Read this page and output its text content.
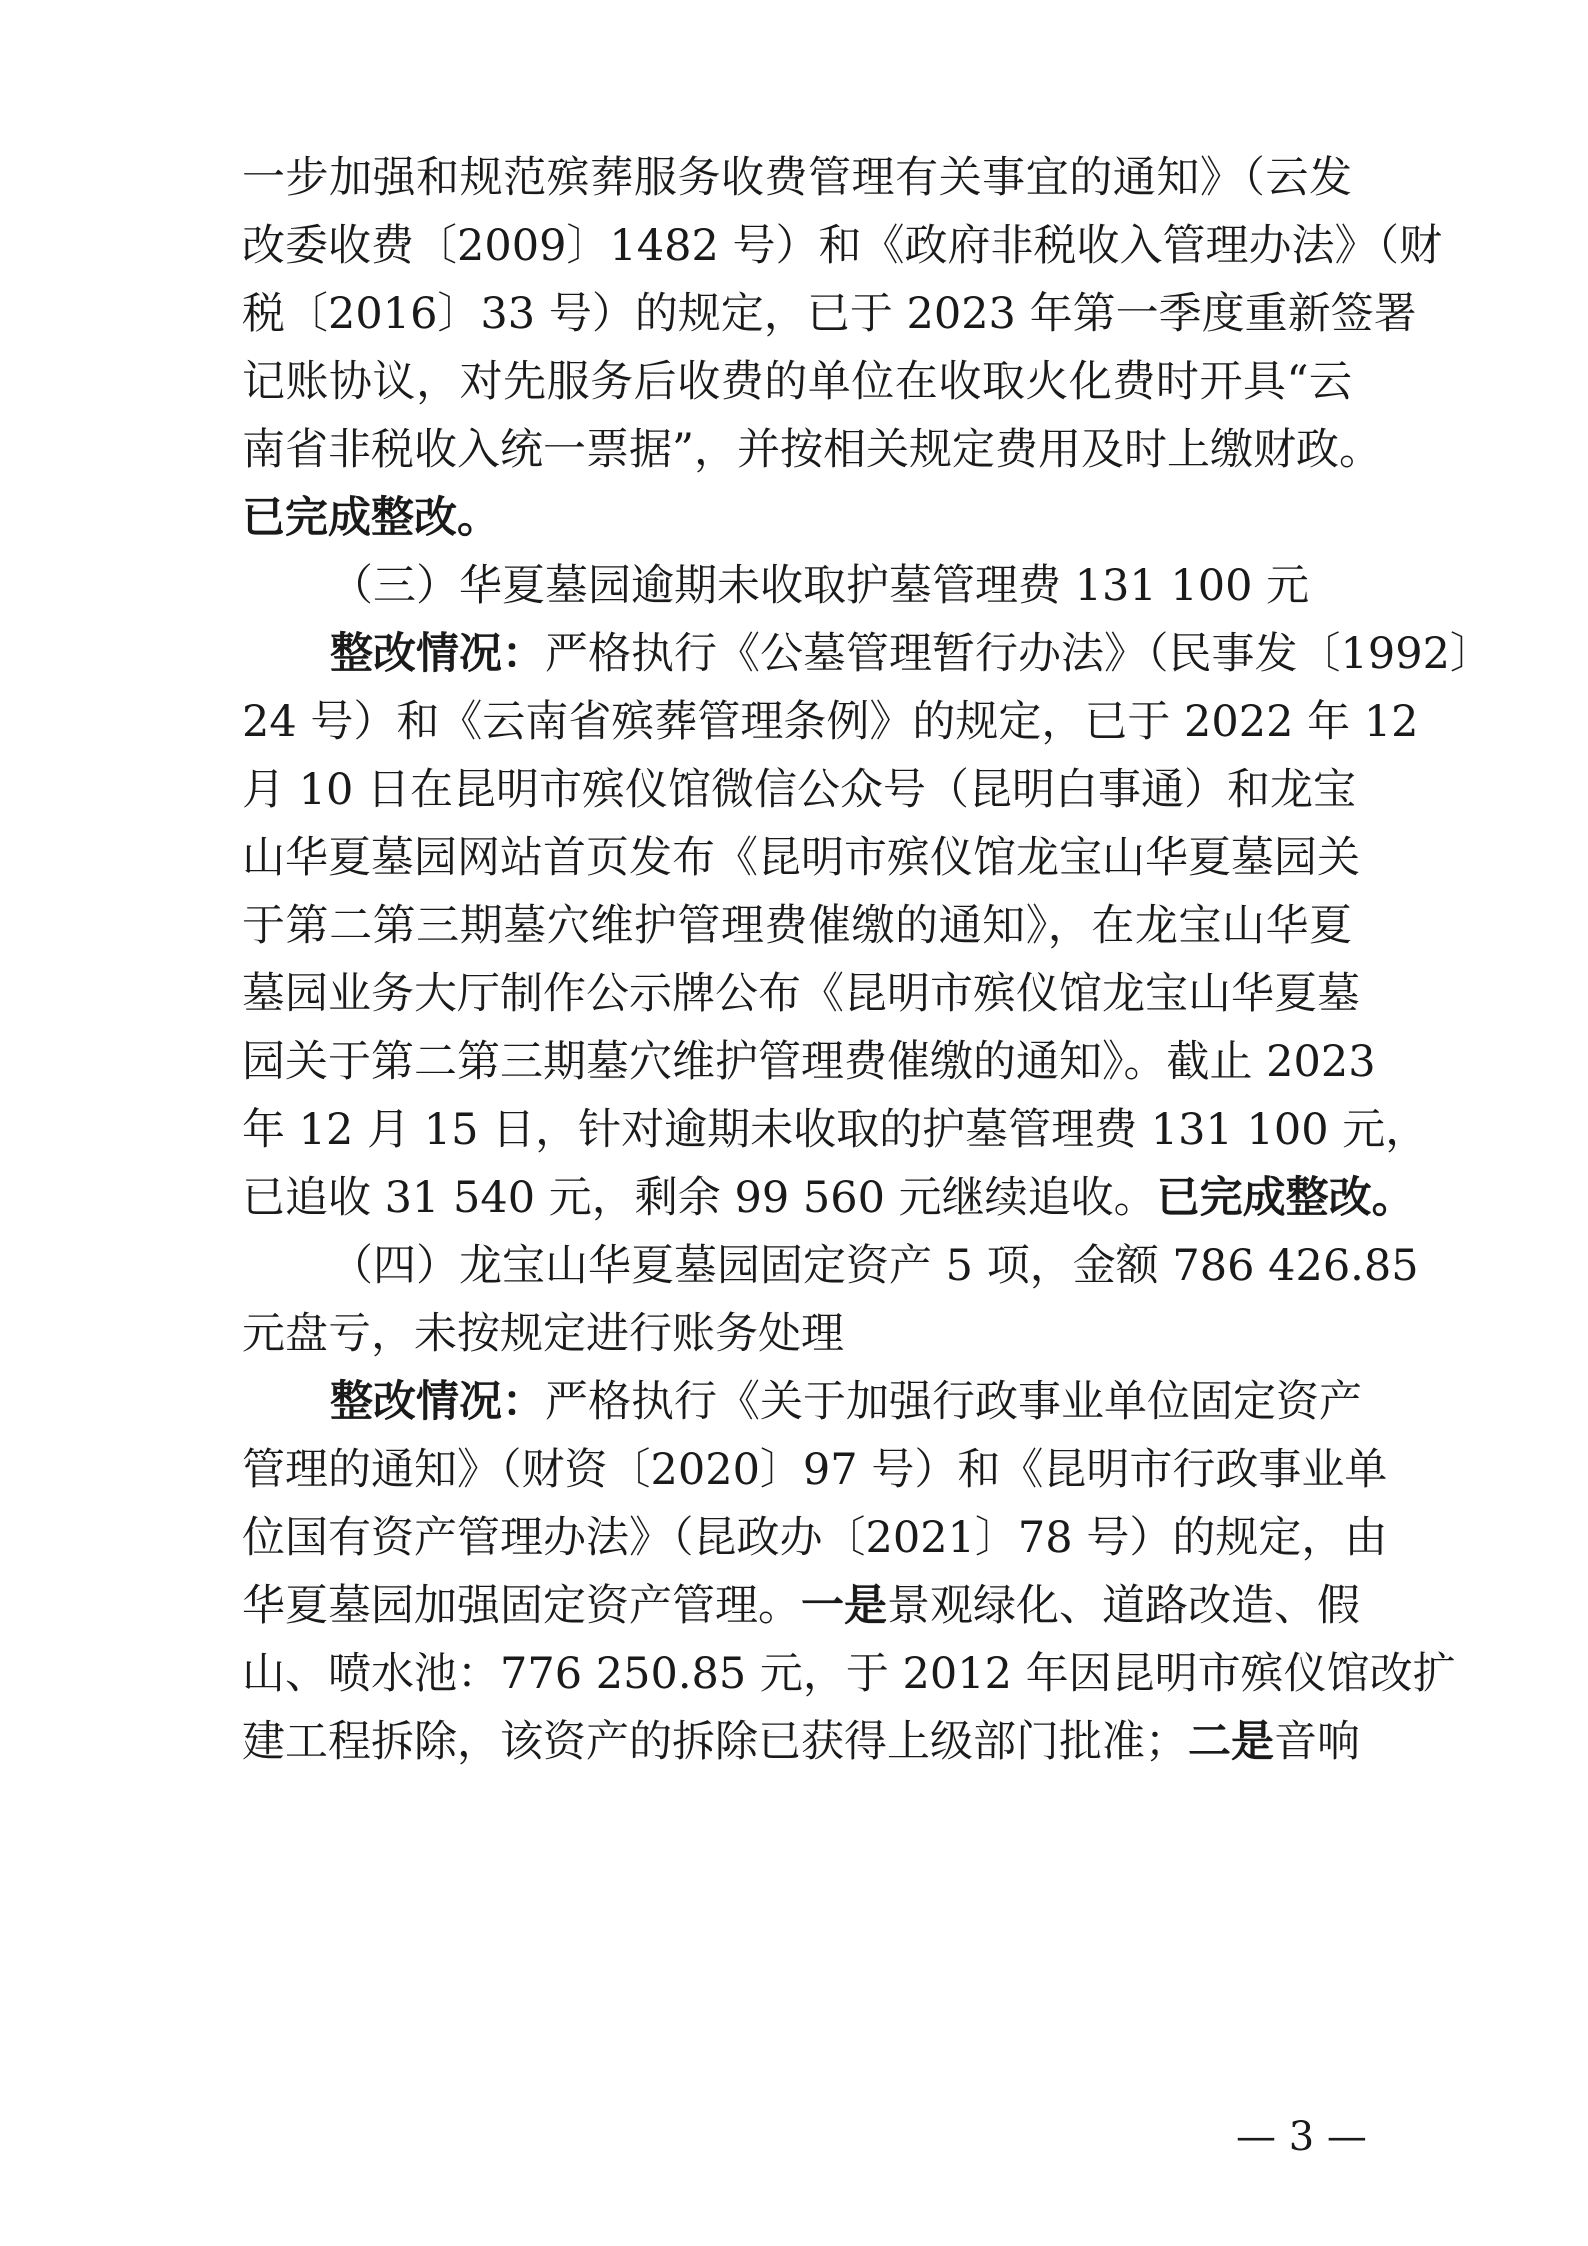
一步加强和规范殡葬服务收费管理有关事宜的通知》（云发
改委收费〔2009〕1482 号）和《政府非税收入管理办法》（财
税〔2016〕33 号）的规定，已于 2023 年第一季度重新签署
记账协议，对先服务后收费的单位在收取火化费时开具“云
南省非税收入统一票据”，并按相关规定费用及时上缴财政。
已完成整改。
（三）华夏墓园逾期未收取护墓管理费 131 100 元
整改情况：严格执行《公墓管理暂行办法》（民事发〔1992〕
24 号）和《云南省殡葬管理条例》的规定，已于 2022 年 12
月 10 日在昆明市殡仪馆微信公众号（昆明白事通）和龙宝
山华夏墓园网站首页发布《昆明市殡仪馆龙宝山华夏墓园关
于第二第三期墓穴维护管理费催缴的通知》，在龙宝山华夏
墓园业务大厅制作公示牌公布《昆明市殡仪馆龙宝山华夏墓
园关于第二第三期墓穴维护管理费催缴的通知》。截止 2023
年 12 月 15 日，针对逾期未收取的护墓管理费 131 100 元，
已追收 31 540 元，剩余 99 560 元继续追收。已完成整改。
（四）龙宝山华夏墓园固定资产 5 项，金额 786 426.85
元盘亏，未按规定进行账务处理
整改情况：严格执行《关于加强行政事业单位固定资产
管理的通知》（财资〔2020〕97 号）和《昆明市行政事业单
位国有资产管理办法》（昆政办〔2021〕78 号）的规定，由
华夏墓园加强固定资产管理。一是景观绿化、道路改造、假
山、喷水池：776 250.85 元，于 2012 年因昆明市殡仪馆改扩
建工程拆除，该资产的拆除已获得上级部门批准；二是音响
— 3 —
